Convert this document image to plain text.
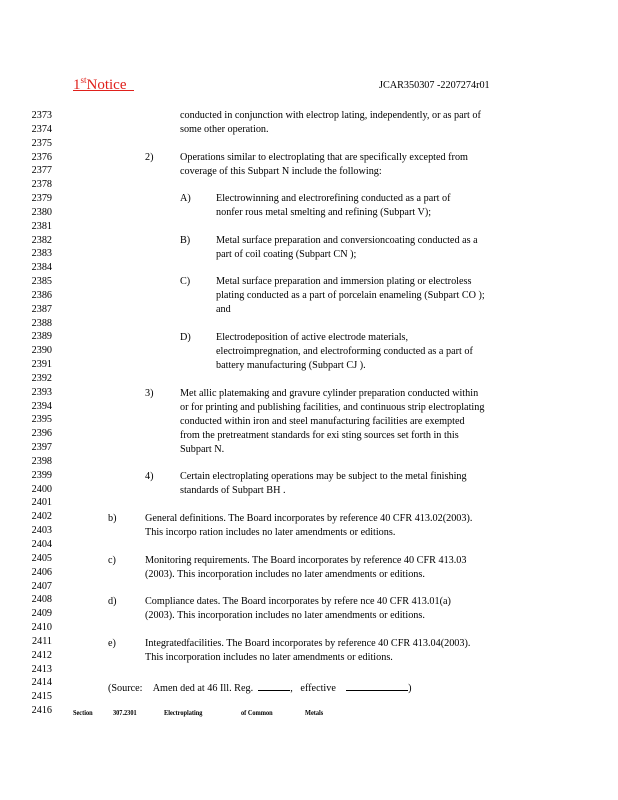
1stNotice	JCAR350307 -2207274r01
2373
2374
2375
2376
2377
2378
2379
2380
2381
2382
2383
2384
2385
2386
2387
2388
2389
2390
2391
2392
2393
2394
2395
2396
2397
2398
2399
2400
2401
2402
2403
2404
2405
2406
2407
2408
2409
2410
2411
2412
2413
2414
2415
2416
conducted in conjunction with electrop lating, independently, or as part of
some other operation.
2)	Operations similar to electroplating that are specifically excepted from
coverage of this Subpart N include the following:
A) Electrowinning and electrorefining conducted as a part of
nonfer rous metal smelting and refining (Subpart V);
B)	Metal surface preparation and conversioncoating conducted as a
part of coil coating (Subpart CN );
C)	Metal surface preparation and immersion plating or electroless
plating conducted as a part of porcelain enameling (Subpart CO );
and
D) Electrodeposition of active electrode materials,
electroimpregnation, and electroforming conducted as a part of
battery manufacturing (Subpart CJ ).
3)	Met allic platemaking and gravure cylinder preparation conducted within
or for printing and publishing facilities, and continuous strip electroplating
conducted within iron and steel manufacturing facilities are exempted
from the pretreatment standards for exi sting sources set forth in this
Subpart N.
4)	Certain electroplating operations may be subject to the metal finishing
standards of Subpart BH .
b)	General definitions. The Board incorporates by reference 40 CFR 413.02(2003).
This incorpo ration includes no later amendments or editions.
c)	Monitoring requirements. The Board incorporates by reference 40 CFR 413.03
(2003). This incorporation includes no later amendments or editions.
d)	Compliance dates. The Board incorporates by refere nce 40 CFR 413.01(a)
(2003). This incorporation includes no later amendments or editions.
e)	Integratedfacilities. The Board incorporates by reference 40 CFR 413.04(2003).
This incorporation includes no later amendments or editions.
(Source: Amen ded at 46 Ill. Reg.	, effective	)
Section	307.2301	Electroplating	of Common	Metals
